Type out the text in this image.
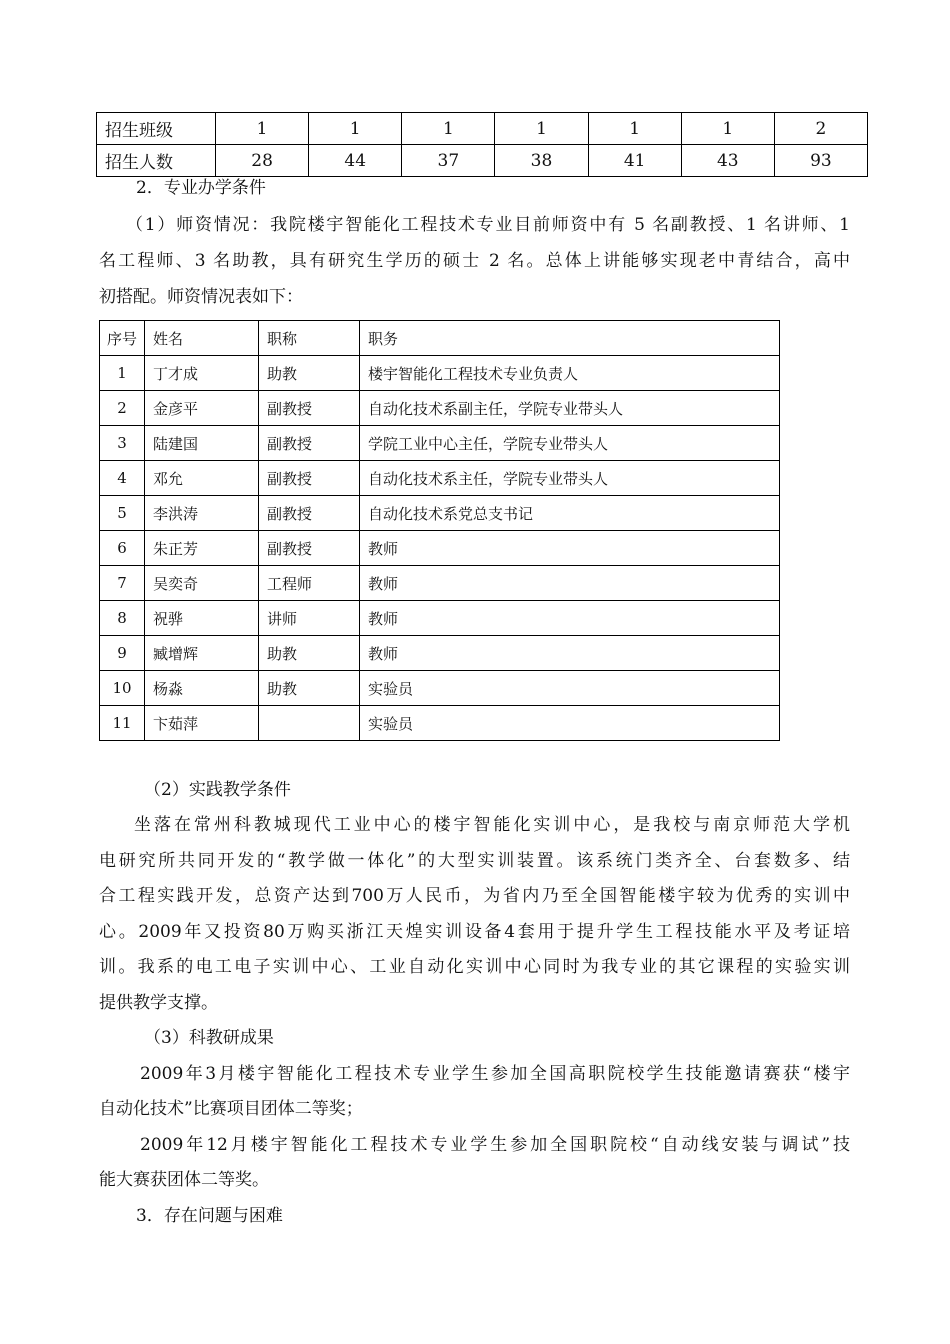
招生班级	1	1	1	1	1	1	2
招生人数	28	44	37	38	41	43	93
2．专业办学条件
（1）师资情况：我院楼宇智能化工程技术专业目前师资中有 5 名副教授、1 名讲师、1
名工程师、3 名助教，具有研究生学历的硕士 2 名。总体上讲能够实现老中青结合，高中
初搭配。师资情况表如下：
序号	姓名	职称	职务
1	丁才成	助教	楼宇智能化工程技术专业负责人
2	金彦平	副教授	自动化技术系副主任，学院专业带头人
3	陆建国	副教授	学院工业中心主任，学院专业带头人
4	邓允	副教授	自动化技术系主任，学院专业带头人
5	李洪涛	副教授	自动化技术系党总支书记
6	朱正芳	副教授	教师
7	吴奕奇	工程师	教师
8	祝骅	讲师	教师
9	臧增辉	助教	教师
10	杨淼	助教	实验员
11	卞茹萍		实验员
（2）实践教学条件
坐落在常州科教城现代工业中心的楼宇智能化实训中心，是我校与南京师范大学机
电研究所共同开发的“教学做一体化”的大型实训装置。该系统门类齐全、台套数多、结
合工程实践开发，总资产达到700万人民币，为省内乃至全国智能楼宇较为优秀的实训中
心。2009年又投资80万购买浙江天煌实训设备4套用于提升学生工程技能水平及考证培
训。我系的电工电子实训中心、工业自动化实训中心同时为我专业的其它课程的实验实训
提供教学支撑。
（3）科教研成果
2009年3月楼宇智能化工程技术专业学生参加全国高职院校学生技能邀请赛获“楼宇
自动化技术”比赛项目团体二等奖；
2009年12月楼宇智能化工程技术专业学生参加全国职院校“自动线安装与调试”技
能大赛获团体二等奖。
3．存在问题与困难
